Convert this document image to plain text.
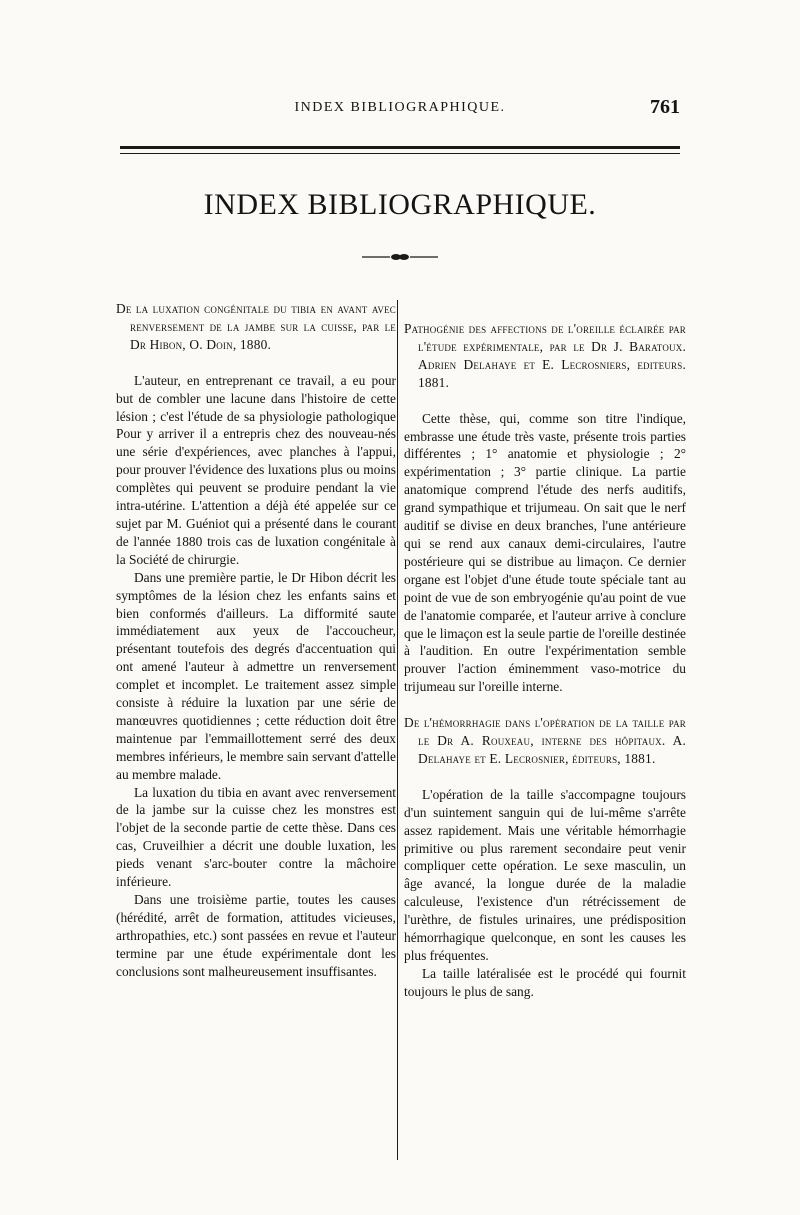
INDEX BIBLIOGRAPHIQUE.	761
INDEX BIBLIOGRAPHIQUE.

De la luxation congénitale du tibia en avant avec renversement de la jambe sur la cuisse, par le Dr Hibon, O. Doin, 1880.

L'auteur, en entreprenant ce travail, a eu pour but de combler une lacune dans l'histoire de cette lésion ; c'est l'étude de sa physiologie pathologique Pour y arriver il a entrepris chez des nouveau-nés une série d'expériences, avec planches à l'appui, pour prouver l'évidence des luxations plus ou moins complètes qui peuvent se produire pendant la vie intra-utérine. L'attention a déjà été appelée sur ce sujet par M. Guéniot qui a présenté dans le courant de l'année 1880 trois cas de luxation congénitale à la Société de chirurgie.

Dans une première partie, le Dr Hibon décrit les symptômes de la lésion chez les enfants sains et bien conformés d'ailleurs. La difformité saute immédiatement aux yeux de l'accoucheur, présentant toutefois des degrés d'accentuation qui ont amené l'auteur à admettre un renversement complet et incomplet. Le traitement assez simple consiste à réduire la luxation par une série de manœuvres quotidiennes ; cette réduction doit être maintenue par l'emmaillottement serré des deux membres inférieurs, le membre sain servant d'attelle au membre malade.

La luxation du tibia en avant avec renversement de la jambe sur la cuisse chez les monstres est l'objet de la seconde partie de cette thèse. Dans ces cas, Cruveilhier a décrit une double luxation, les pieds venant s'arc-bouter contre la mâchoire inférieure.

Dans une troisième partie, toutes les causes (hérédité, arrêt de formation, attitudes vicieuses, arthropathies, etc.) sont passées en revue et l'auteur termine par une étude expérimentale dont les conclusions sont malheureusement insuffisantes.

Pathogénie des affections de l'oreille éclairée par l'étude expérimentale, par le Dr J. Baratoux. Adrien Delahaye et E. Lecrosniers, editeurs. 1881.

Cette thèse, qui, comme son titre l'indique, embrasse une étude très vaste, présente trois parties différentes ; 1° anatomie et physiologie ; 2° expérimentation ; 3° partie clinique. La partie anatomique comprend l'étude des nerfs auditifs, grand sympathique et trijumeau. On sait que le nerf auditif se divise en deux branches, l'une antérieure qui se rend aux canaux demi-circulaires, l'autre postérieure qui se distribue au limaçon. Ce dernier organe est l'objet d'une étude toute spéciale tant au point de vue de son embryogénie qu'au point de vue de l'anatomie comparée, et l'auteur arrive à conclure que le limaçon est la seule partie de l'oreille destinée à l'audition. En outre l'expérimentation semble prouver l'action éminemment vaso-motrice du trijumeau sur l'oreille interne.

De l'hémorrhagie dans l'opération de la taille par le Dr A. Rouxeau, interne des hôpitaux. A. Delahaye et E. Lecrosnier, éditeurs, 1881.

L'opération de la taille s'accompagne toujours d'un suintement sanguin qui de lui-même s'arrête assez rapidement. Mais une véritable hémorrhagie primitive ou plus rarement secondaire peut venir compliquer cette opération. Le sexe masculin, un âge avancé, la longue durée de la maladie calculeuse, l'existence d'un rétrécissement de l'urèthre, de fistules urinaires, une prédisposition hémorrhagique quelconque, en sont les causes les plus fréquentes.

La taille latéralisée est le procédé qui fournit toujours le plus de sang.
